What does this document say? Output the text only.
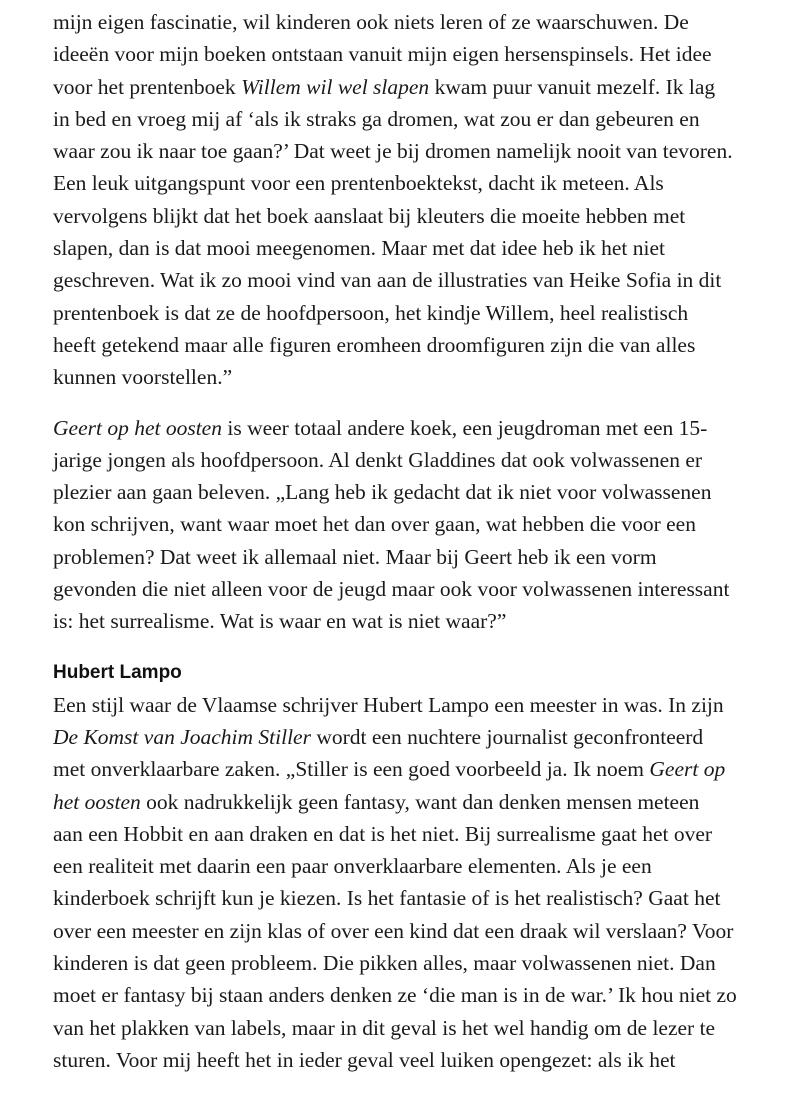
mijn eigen fascinatie, wil kinderen ook niets leren of ze waarschuwen. De
ideeën voor mijn boeken ontstaan vanuit mijn eigen hersenspinsels. Het idee
voor het prentenboek Willem wil wel slapen kwam puur vanuit mezelf. Ik lag
in bed en vroeg mij af ‘als ik straks ga dromen, wat zou er dan gebeuren en
waar zou ik naar toe gaan?’ Dat weet je bij dromen namelijk nooit van tevoren.
Een leuk uitgangspunt voor een prentenboektekst, dacht ik meteen. Als
vervolgens blijkt dat het boek aanslaat bij kleuters die moeite hebben met
slapen, dan is dat mooi meegenomen. Maar met dat idee heb ik het niet
geschreven. Wat ik zo mooi vind van aan de illustraties van Heike Sofia in dit
prentenboek is dat ze de hoofdpersoon, het kindje Willem, heel realistisch
heeft getekend maar alle figuren eromheen droomfiguren zijn die van alles
kunnen voorstellen.”
Geert op het oosten is weer totaal andere koek, een jeugdroman met een 15-
jarige jongen als hoofdpersoon. Al denkt Gladdines dat ook volwassenen er
plezier aan gaan beleven. „Lang heb ik gedacht dat ik niet voor volwassenen
kon schrijven, want waar moet het dan over gaan, wat hebben die voor een
problemen? Dat weet ik allemaal niet. Maar bij Geert heb ik een vorm
gevonden die niet alleen voor de jeugd maar ook voor volwassenen interessant
is: het surrealisme. Wat is waar en wat is niet waar?”
Hubert Lampo
Een stijl waar de Vlaamse schrijver Hubert Lampo een meester in was. In zijn
De Komst van Joachim Stiller wordt een nuchtere journalist geconfronteerd
met onverklaarbare zaken. „Stiller is een goed voorbeeld ja. Ik noem Geert op
het oosten ook nadrukkelijk geen fantasy, want dan denken mensen meteen
aan een Hobbit en aan draken en dat is het niet. Bij surrealisme gaat het over
een realiteit met daarin een paar onverklaarbare elementen. Als je een
kinderboek schrijft kun je kiezen. Is het fantasie of is het realistisch? Gaat het
over een meester en zijn klas of over een kind dat een draak wil verslaan? Voor
kinderen is dat geen probleem. Die pikken alles, maar volwassenen niet. Dan
moet er fantasy bij staan anders denken ze ‘die man is in de war.’ Ik hou niet zo
van het plakken van labels, maar in dit geval is het wel handig om de lezer te
sturen. Voor mij heeft het in ieder geval veel luiken opengezet: als ik het
